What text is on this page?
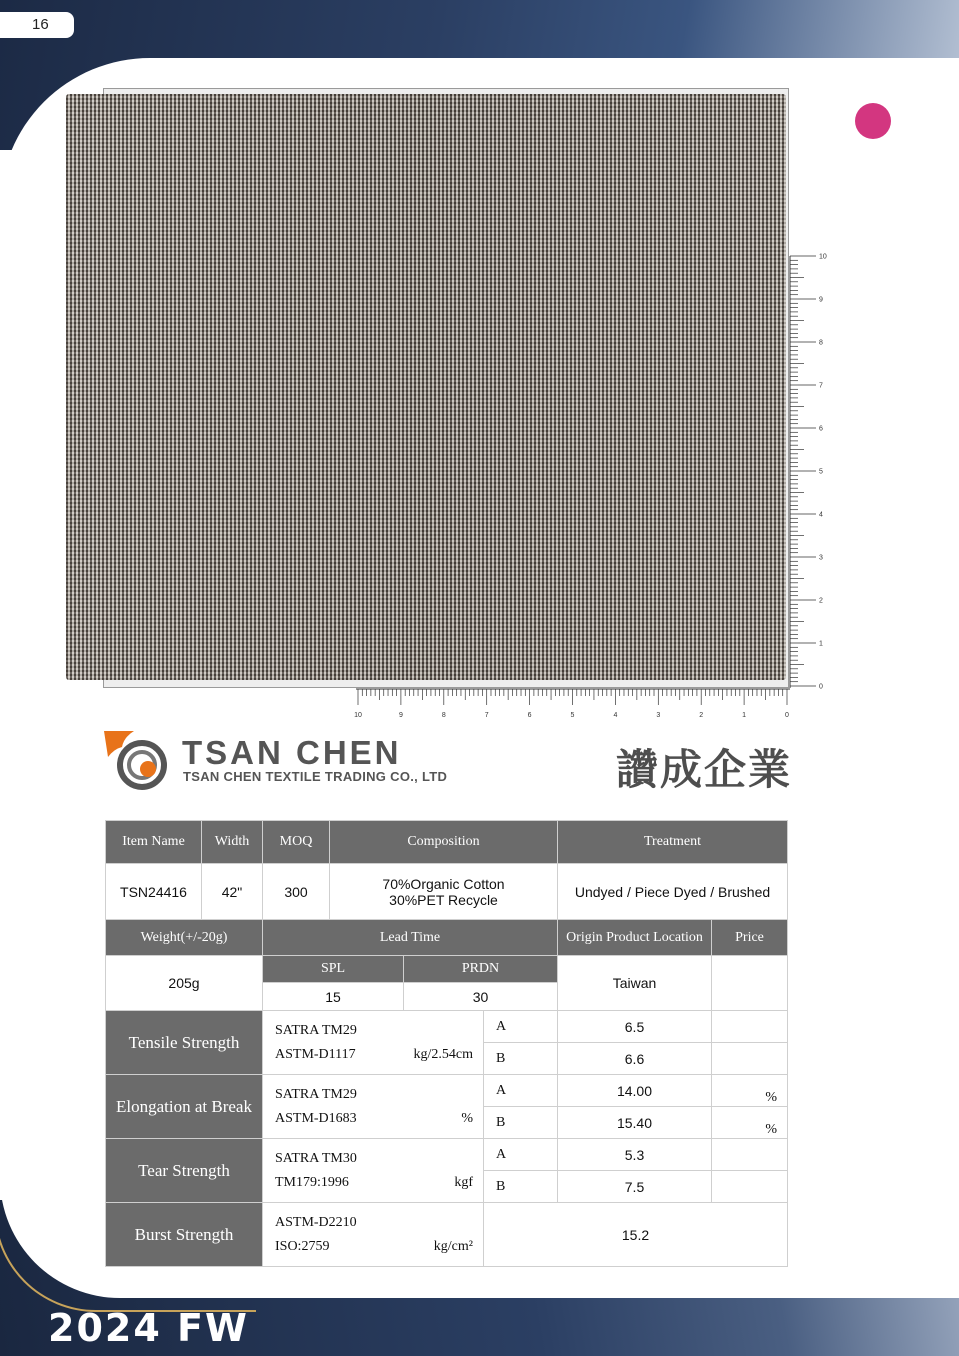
16
10
9
8
7
6
5
4
3
2
1
0
10	9	8	7	6	5	4	3	2	1	0
TSAN CHEN
TSAN CHEN TEXTILE TRADING CO., LTD	讚成企業
Item Name	Width	MOQ	Composition			Treatment	
TSN24416	42"	300	70%Organic Cotton
30%PET Recycle			Undyed / Piece Dyed / Brushed	
Weight(+/-20g)		Lead Time				Origin Product Location	Price
205g		SPL		PRDN		Taiwan	
		15		30			
Tensile Strength		SATRA TM29
ASTM-D1117 kg/2.54cm			A	6.5	
					B	6.6	
Elongation at Break		SATRA TM29
ASTM-D1683 %			A	14.00	%
					B	15.40	%
Tear Strength		SATRA TM30
TM179:1996 kgf			A	5.3	
					B	7.5	
Burst Strength		ASTM-D2210
ISO:2759 kg/cm²			15.2		
2024 FW
